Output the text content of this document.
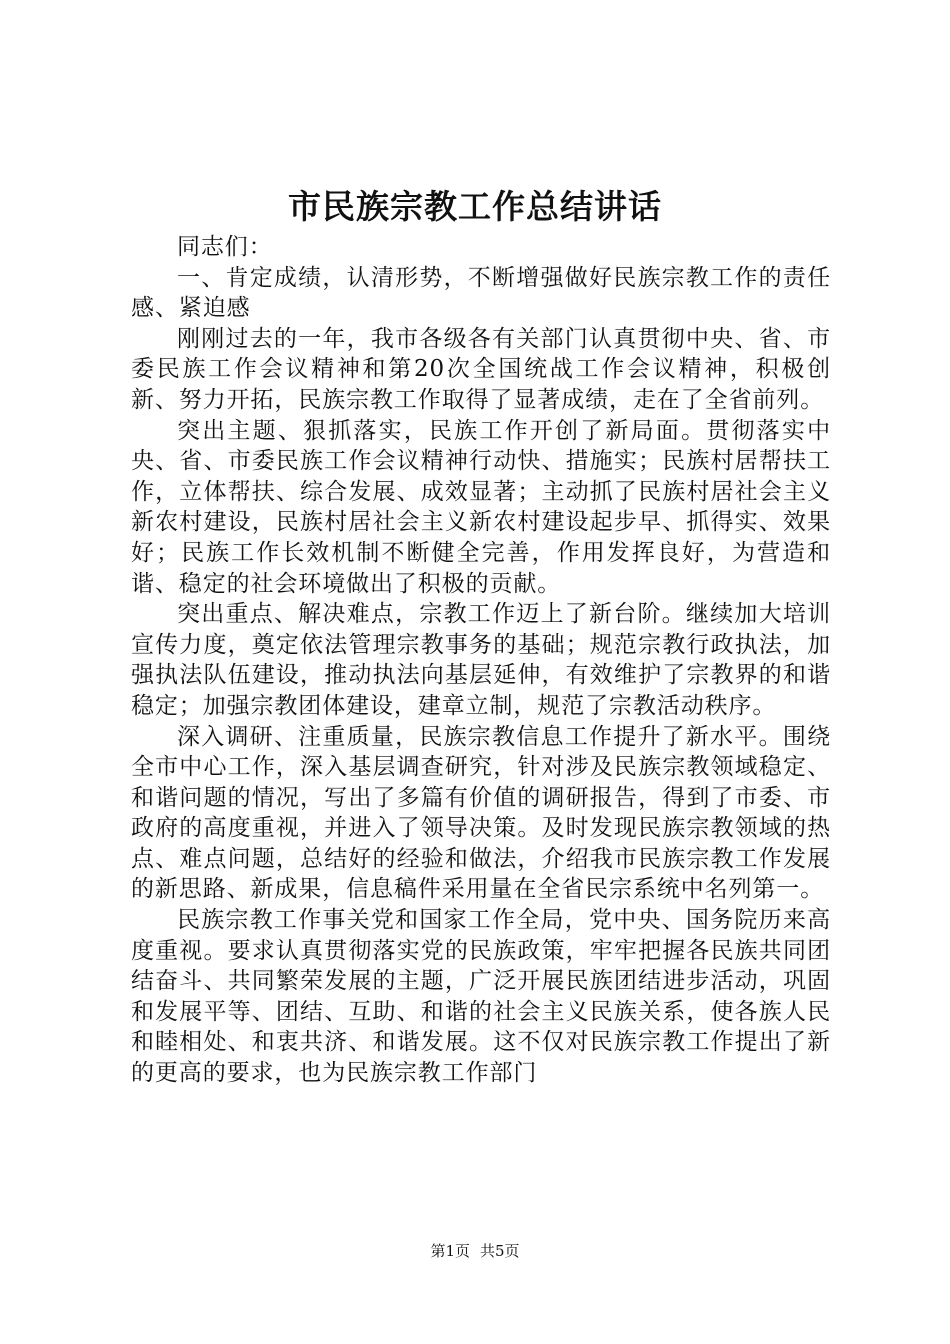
市民族宗教工作总结讲话

同志们：

一、肯定成绩，认清形势，不断增强做好民族宗教工作的责任感、紧迫感

刚刚过去的一年，我市各级各有关部门认真贯彻中央、省、市委民族工作会议精神和第20次全国统战工作会议精神，积极创新、努力开拓，民族宗教工作取得了显著成绩，走在了全省前列。

突出主题、狠抓落实，民族工作开创了新局面。贯彻落实中央、省、市委民族工作会议精神行动快、措施实；民族村居帮扶工作，立体帮扶、综合发展、成效显著；主动抓了民族村居社会主义新农村建设，民族村居社会主义新农村建设起步早、抓得实、效果好；民族工作长效机制不断健全完善，作用发挥良好，为营造和谐、稳定的社会环境做出了积极的贡献。

突出重点、解决难点，宗教工作迈上了新台阶。继续加大培训宣传力度，奠定依法管理宗教事务的基础；规范宗教行政执法，加强执法队伍建设，推动执法向基层延伸，有效维护了宗教界的和谐稳定；加强宗教团体建设，建章立制，规范了宗教活动秩序。

深入调研、注重质量，民族宗教信息工作提升了新水平。围绕全市中心工作，深入基层调查研究，针对涉及民族宗教领域稳定、和谐问题的情况，写出了多篇有价值的调研报告，得到了市委、市政府的高度重视，并进入了领导决策。及时发现民族宗教领域的热点、难点问题，总结好的经验和做法，介绍我市民族宗教工作发展的新思路、新成果，信息稿件采用量在全省民宗系统中名列第一。

民族宗教工作事关党和国家工作全局，党中央、国务院历来高度重视。要求认真贯彻落实党的民族政策，牢牢把握各民族共同团结奋斗、共同繁荣发展的主题，广泛开展民族团结进步活动，巩固和发展平等、团结、互助、和谐的社会主义民族关系，使各族人民和睦相处、和衷共济、和谐发展。这不仅对民族宗教工作提出了新的更高的要求，也为民族宗教工作部门

第1页 共5页
